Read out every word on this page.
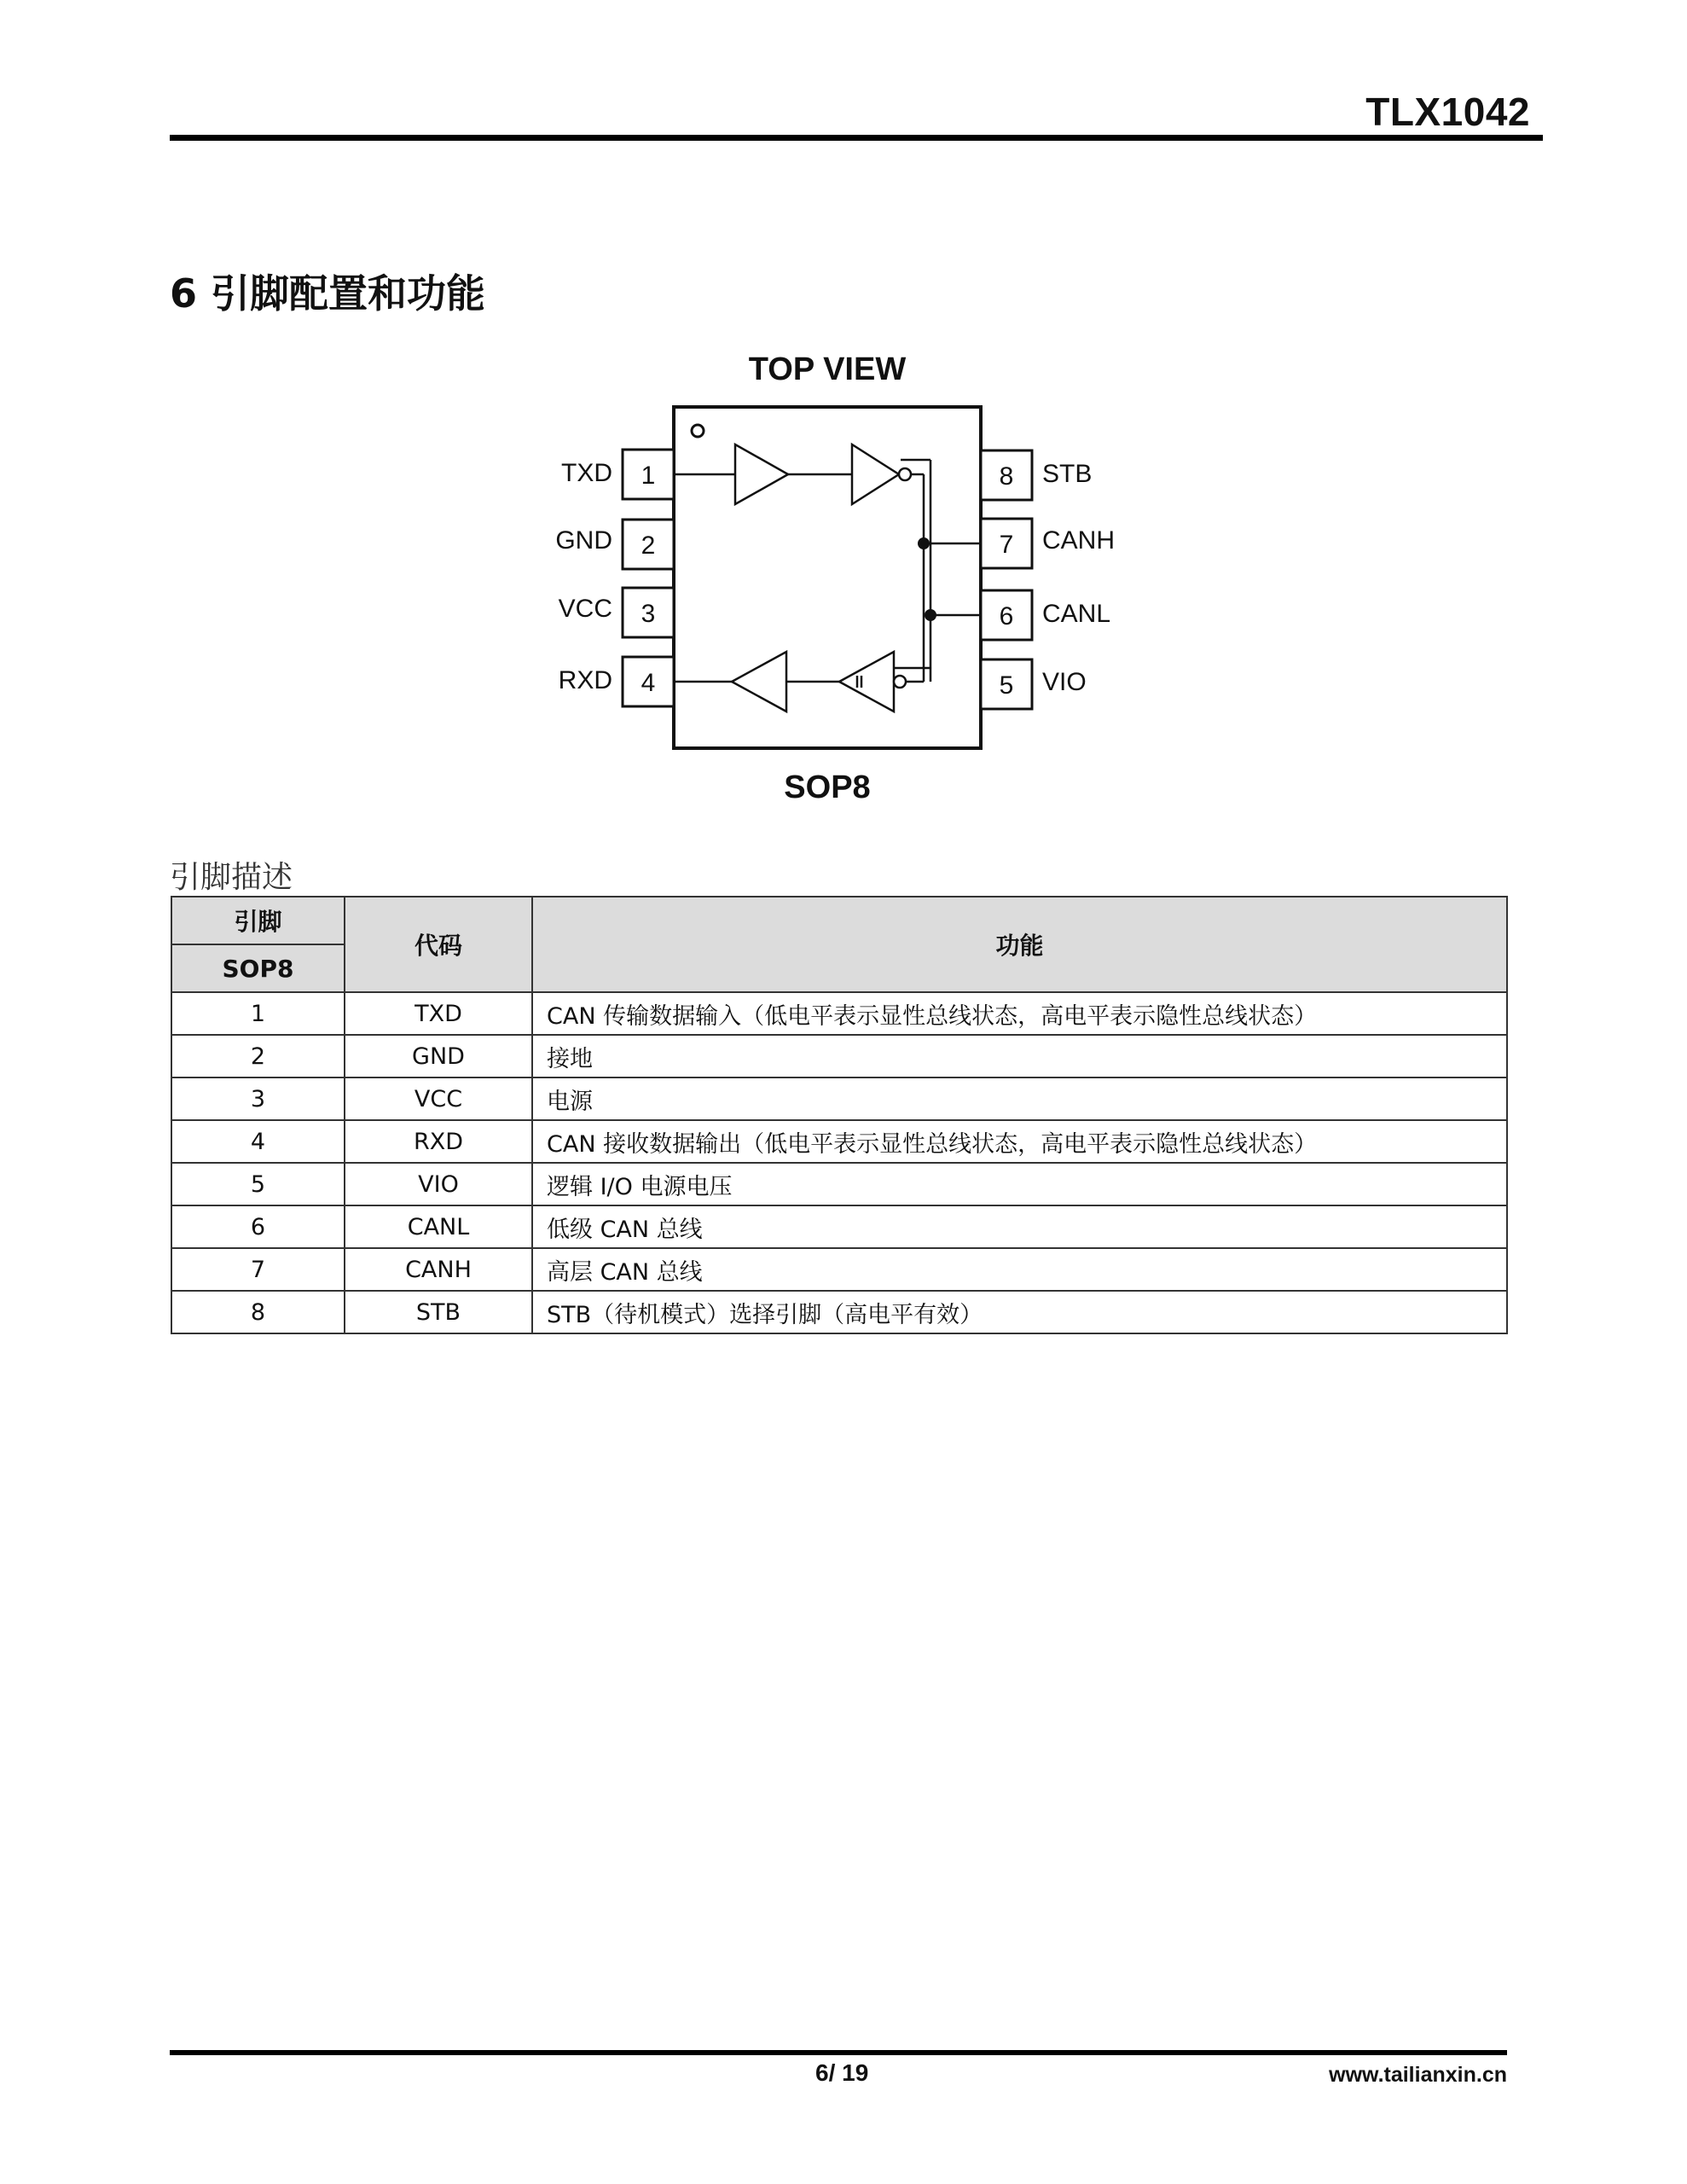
TLX1042
6 引脚配置和功能
TOP VIEW
1
TXD
2
GND
3
VCC
4
RXD
8 STB
7 CANH
6 CANL
5 VIO
SOP8
引脚描述
引脚	代码	功能
SOP8		
1	TXD	CAN 传输数据输入（低电平表示显性总线状态，高电平表示隐性总线状态）
2	GND	接地
3	VCC	电源
4	RXD	CAN 接收数据输出（低电平表示显性总线状态，高电平表示隐性总线状态）
5	VIO	逻辑 I/O 电源电压
6	CANL	低级 CAN 总线
7	CANH	高层 CAN 总线
8	STB	STB（待机模式）选择引脚（高电平有效）
6/ 19	www.tailianxin.cn
